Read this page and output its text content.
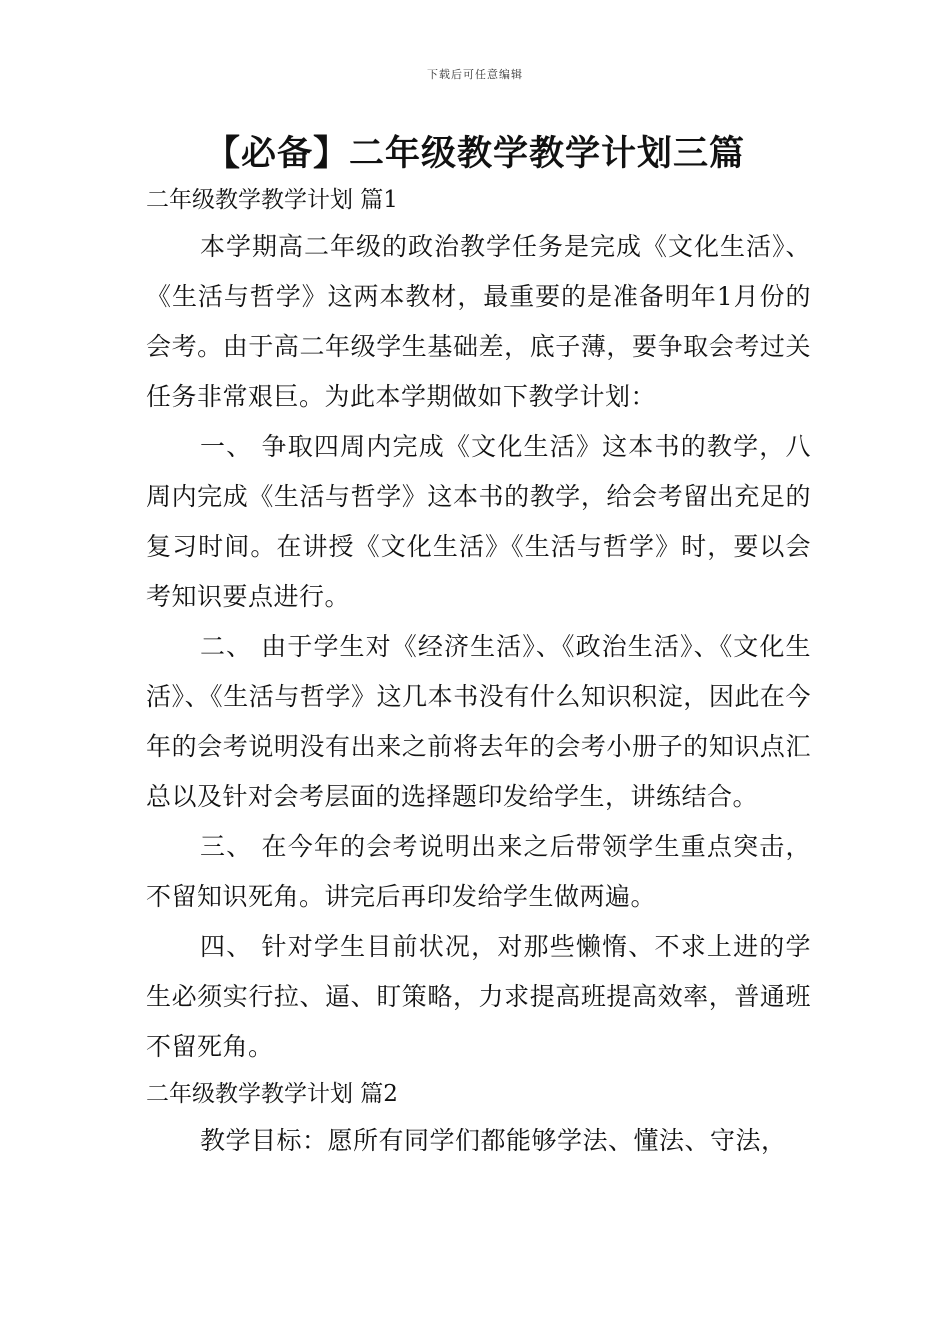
下载后可任意编辑
【必备】二年级教学教学计划三篇

二年级教学教学计划 篇1

本学期高二年级的政治教学任务是完成《文化生活》、《生活与哲学》这两本教材，最重要的是准备明年1月份的会考。由于高二年级学生基础差，底子薄，要争取会考过关任务非常艰巨。为此本学期做如下教学计划：

一、 争取四周内完成《文化生活》这本书的教学，八周内完成《生活与哲学》这本书的教学，给会考留出充足的复习时间。在讲授《文化生活》《生活与哲学》时，要以会考知识要点进行。

二、 由于学生对《经济生活》、《政治生活》、《文化生活》、《生活与哲学》这几本书没有什么知识积淀，因此在今年的会考说明没有出来之前将去年的会考小册子的知识点汇总以及针对会考层面的选择题印发给学生，讲练结合。

三、 在今年的会考说明出来之后带领学生重点突击，不留知识死角。讲完后再印发给学生做两遍。

四、 针对学生目前状况，对那些懒惰、不求上进的学生必须实行拉、逼、盯策略，力求提高班提高效率，普通班不留死角。

二年级教学教学计划 篇2

教学目标：愿所有同学们都能够学法、懂法、守法，
